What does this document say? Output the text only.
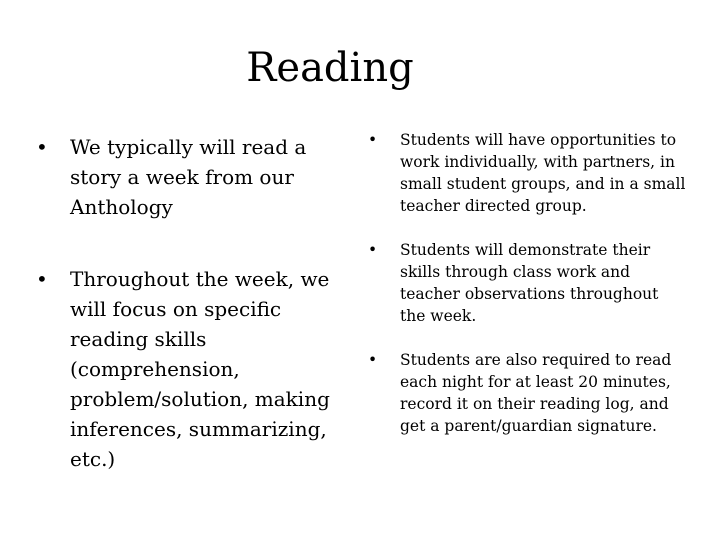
Reading
• We typically will read a story a week from our Anthology
• Throughout the week, we will focus on specific reading skills (comprehension, problem/solution, making inferences, summarizing, etc.)
• Students will have opportunities to work individually, with partners, in small student groups, and in a small teacher directed group.
• Students will demonstrate their skills through class work and teacher observations throughout the week.
• Students are also required to read each night for at least 20 minutes, record it on their reading log, and get a parent/guardian signature.
